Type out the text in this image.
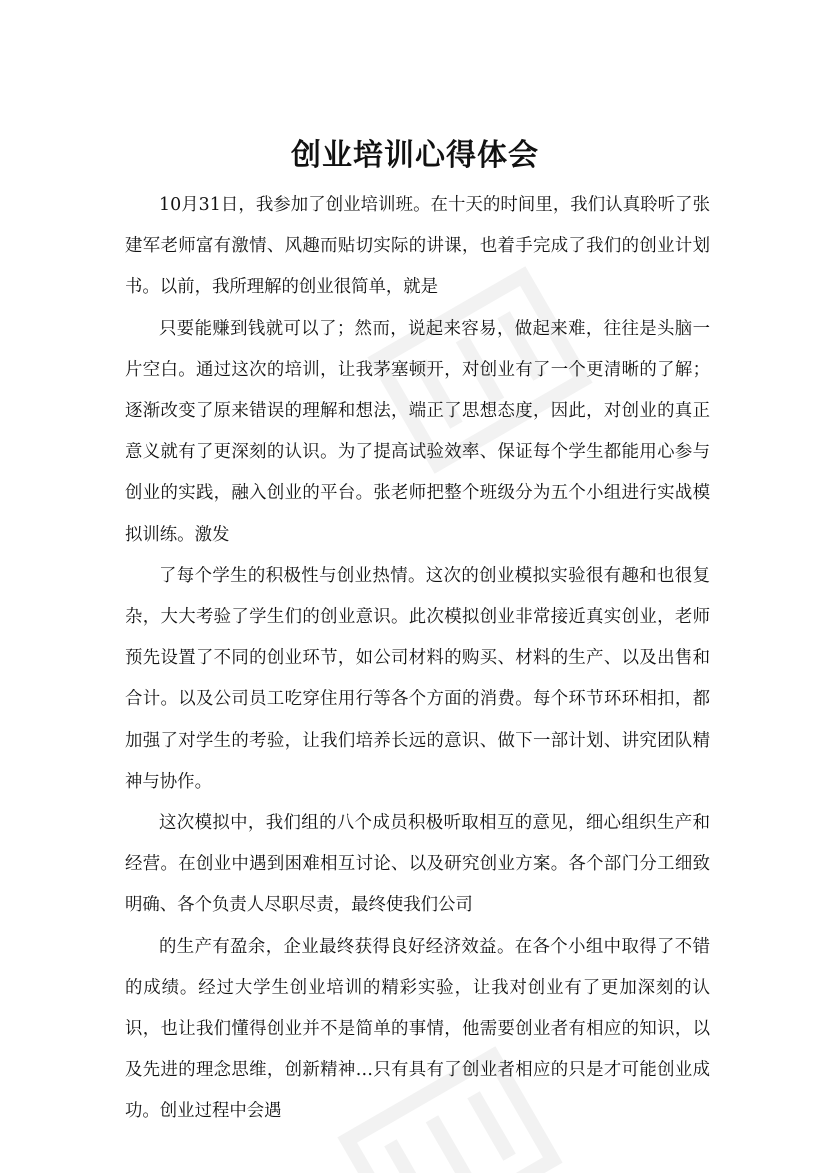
创业培训心得体会

10月31日，我参加了创业培训班。在十天的时间里，我们认真聆听了张建军老师富有激情、风趣而贴切实际的讲课，也着手完成了我们的创业计划书。以前，我所理解的创业很简单，就是

只要能赚到钱就可以了；然而，说起来容易，做起来难，往往是头脑一片空白。通过这次的培训，让我茅塞顿开，对创业有了一个更清晰的了解；逐渐改变了原来错误的理解和想法，端正了思想态度，因此，对创业的真正意义就有了更深刻的认识。为了提高试验效率、保证每个学生都能用心参与创业的实践，融入创业的平台。张老师把整个班级分为五个小组进行实战模拟训练。激发

了每个学生的积极性与创业热情。这次的创业模拟实验很有趣和也很复杂，大大考验了学生们的创业意识。此次模拟创业非常接近真实创业，老师预先设置了不同的创业环节，如公司材料的购买、材料的生产、以及出售和合计。以及公司员工吃穿住用行等各个方面的消费。每个环节环环相扣，都加强了对学生的考验，让我们培养长远的意识、做下一部计划、讲究团队精神与协作。

这次模拟中，我们组的八个成员积极听取相互的意见，细心组织生产和经营。在创业中遇到困难相互讨论、以及研究创业方案。各个部门分工细致明确、各个负责人尽职尽责，最终使我们公司

的生产有盈余，企业最终获得良好经济效益。在各个小组中取得了不错的成绩。经过大学生创业培训的精彩实验，让我对创业有了更加深刻的认识，也让我们懂得创业并不是简单的事情，他需要创业者有相应的知识，以及先进的理念思维，创新精神…只有具有了创业者相应的只是才可能创业成功。创业过程中会遇
